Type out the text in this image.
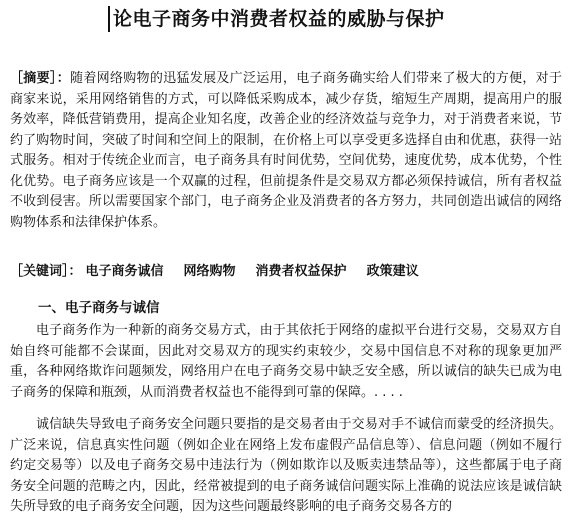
论电子商务中消费者权益的威胁与保护

［摘要］：随着网络购物的迅猛发展及广泛运用，电子商务确实给人们带来了极大的方便，对于商家来说，采用网络销售的方式，可以降低采购成本，减少存货，缩短生产周期，提高用户的服务效率，降低营销费用，提高企业知名度，改善企业的经济效益与竞争力，对于消费者来说，节约了购物时间，突破了时间和空间上的限制，在价格上可以享受更多选择自由和优惠，获得一站式服务。相对于传统企业而言，电子商务具有时间优势，空间优势，速度优势，成本优势，个性化优势。电子商务应该是一个双赢的过程，但前提条件是交易双方都必须保持诚信，所有者权益不收到侵害。所以需要国家个部门，电子商务企业及消费者的各方努力，共同创造出诚信的网络购物体系和法律保护体系。

［关键词］： 电子商务诚信 网络购物 消费者权益保护 政策建议

一、电子商务与诚信

电子商务作为一种新的商务交易方式，由于其依托于网络的虚拟平台进行交易，交易双方自始自终可能都不会谋面，因此对交易双方的现实约束较少，交易中国信息不对称的现象更加严重，各种网络欺诈问题频发，网络用户在电子商务交易中缺乏安全感，所以诚信的缺失已成为电子商务的保障和瓶颈，从而消费者权益也不能得到可靠的保障。. . . .

诚信缺失导致电子商务安全问题只要指的是交易者由于交易对手不诚信而蒙受的经济损失。广泛来说，信息真实性问题（例如企业在网络上发布虚假产品信息等）、信息问题（例如不履行约定交易等）以及电子商务交易中违法行为（例如欺诈以及贩卖违禁品等），这些都属于电子商务安全问题的范畴之内，因此，经常被提到的电子商务诚信问题实际上准确的说法应该是诚信缺失所导致的电子商务安全问题，因为这些问题最终影响的电子商务交易各方的
